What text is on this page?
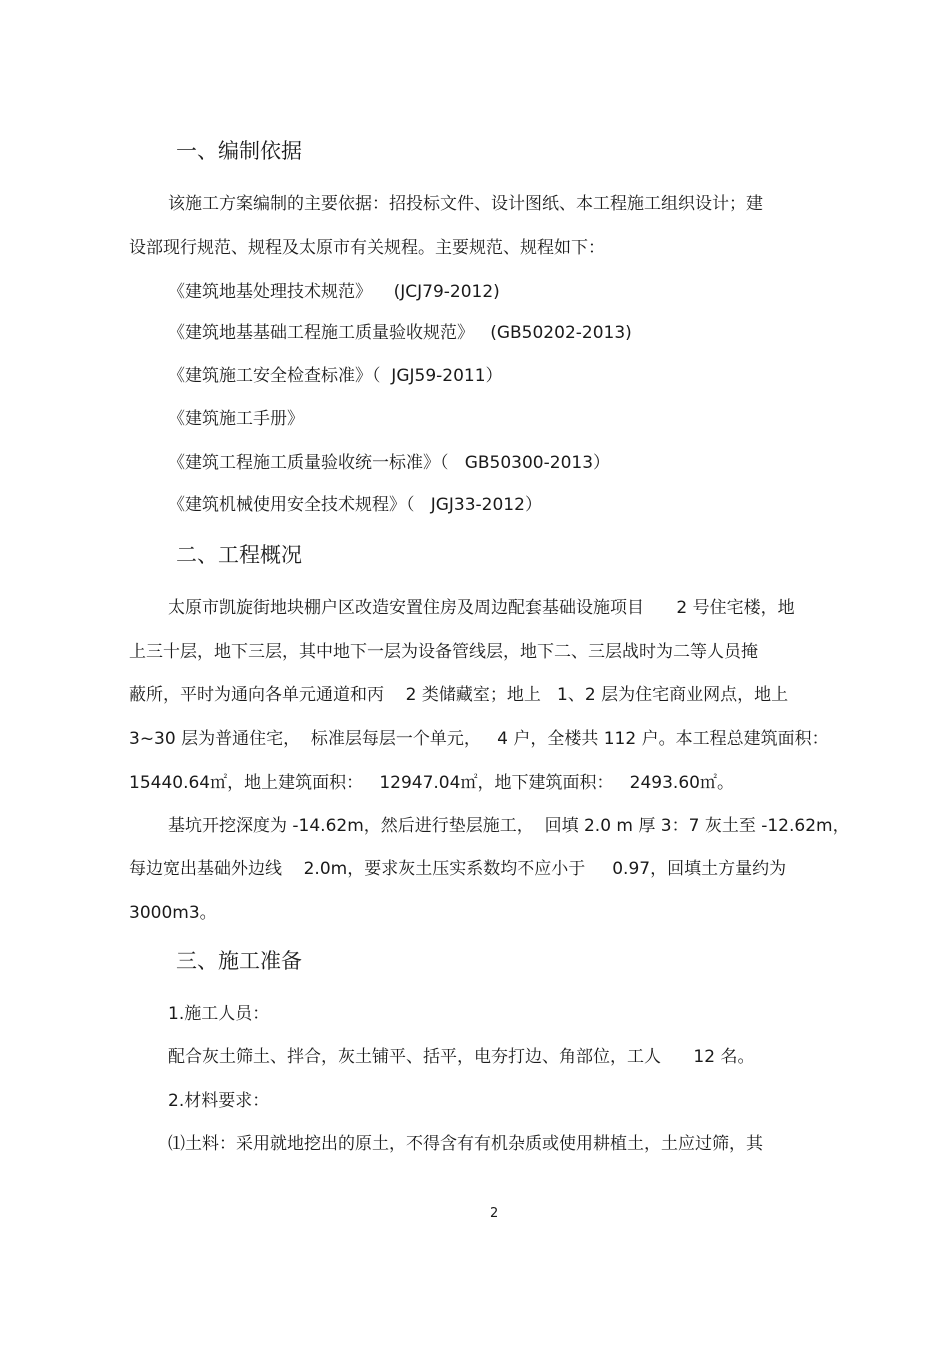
一、编制依据
该施工方案编制的主要依据：招投标文件、设计图纸、本工程施工组织设计；建
设部现行规范、规程及太原市有关规程。主要规范、规程如下：
《建筑地基处理技术规范》    (JCJ79-2012)
《建筑地基基础工程施工质量验收规范》   (GB50202-2013)
《建筑施工安全检查标准》（  JGJ59-2011）
《建筑施工手册》
《建筑工程施工质量验收统一标准》（   GB50300-2013）
《建筑机械使用安全技术规程》（   JGJ33-2012）
二、工程概况
太原市凯旋街地块棚户区改造安置住房及周边配套基础设施项目      2 号住宅楼，地
上三十层，地下三层，其中地下一层为设备管线层，地下二、三层战时为二等人员掩
蔽所，平时为通向各单元通道和丙    2 类储藏室；地上   1、2 层为住宅商业网点，地上
3~30 层为普通住宅，  标准层每层一个单元，   4 户，全楼共 112 户。本工程总建筑面积：
15440.64㎡，地上建筑面积：   12947.04㎡，地下建筑面积：   2493.60㎡。
基坑开挖深度为 -14.62m，然后进行垫层施工，  回填 2.0 m 厚 3：7 灰土至 -12.62m，
每边宽出基础外边线    2.0m，要求灰土压实系数均不应小于     0.97，回填土方量约为
3000m3。
三、施工准备
1.施工人员：
配合灰土筛土、拌合，灰土铺平、括平，电夯打边、角部位，工人      12 名。
2.材料要求：
⑴土料：采用就地挖出的原土，不得含有有机杂质或使用耕植土，土应过筛，其
2
